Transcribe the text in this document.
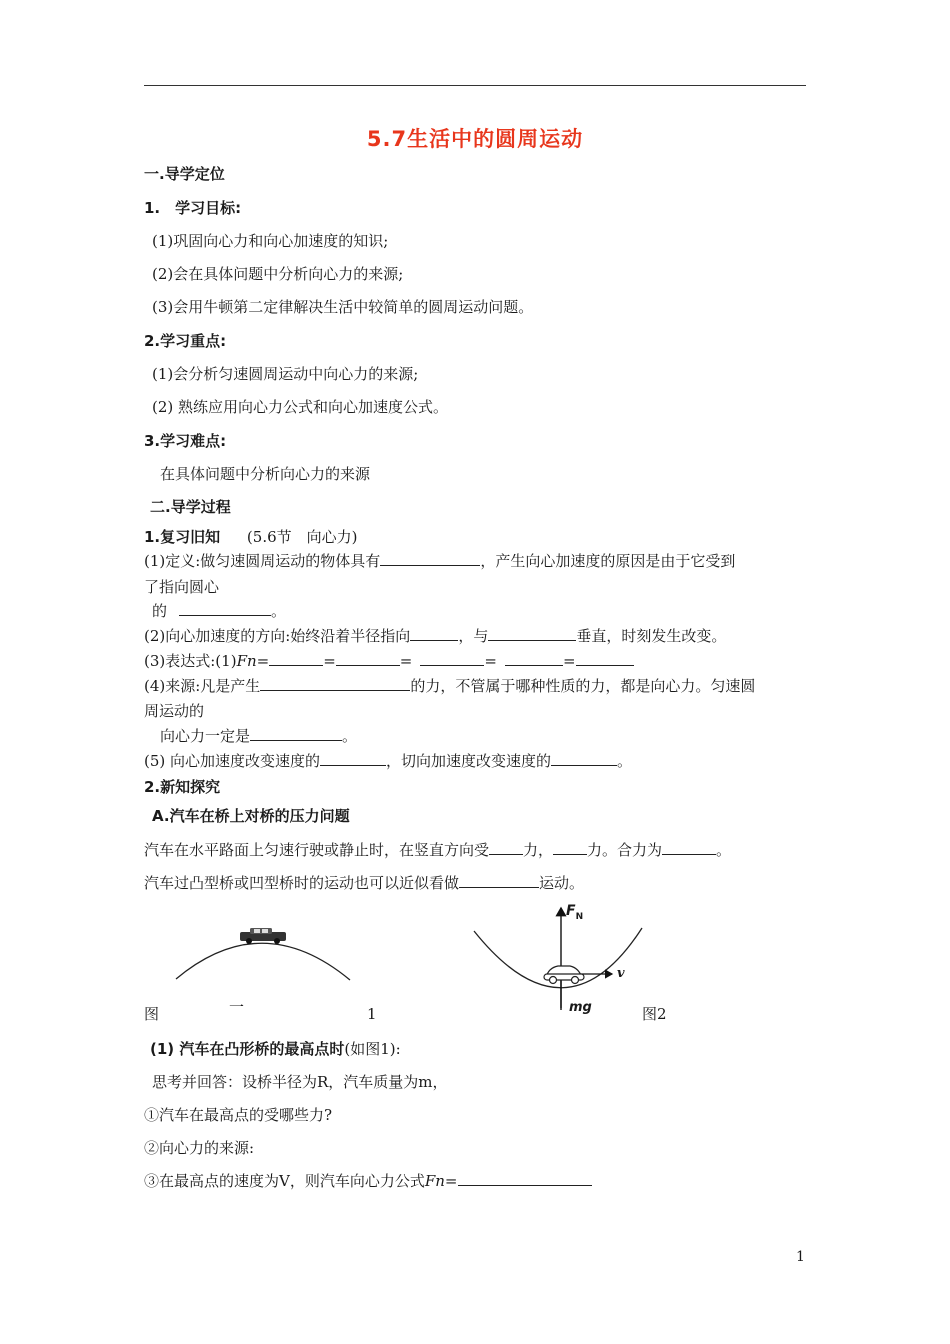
5.7生活中的圆周运动
一.导学定位
1.　学习目标:
(1)巩固向心力和向心加速度的知识;
(2)会在具体问题中分析向心力的来源;
(3)会用牛顿第二定律解决生活中较简单的圆周运动问题。
2.学习重点:
(1)会分析匀速圆周运动中向心力的来源;
(2) 熟练应用向心力公式和向心加速度公式。
3.学习难点:
在具体问题中分析向心力的来源
二.导学过程
1.复习旧知 (5.6节　向心力)
(1)定义:做匀速圆周运动的物体具有	，产生向心加速度的原因是由于它受到
了指向圆心
的	。
(2)向心加速度的方向:始终沿着半径指向	，与	垂直，时刻发生改变。
(3)表达式:(1)Fn=	=	=	=	=
(4)来源:凡是产生	的力，不管属于哪种性质的力，都是向心力。匀速圆
周运动的
向心力一定是	。
(5) 向心加速度改变速度的	，切向加速度改变速度的	。
2.新知探究
A.汽车在桥上对桥的压力问题
汽车在水平路面上匀速行驶或静止时，在竖直方向受 力， 力。合力为	。
汽车过凸型桥或凹型桥时的运动也可以近似看做	运动。
图	一	1
$F_N$
v
mg	图2
(1) 汽车在凸形桥的最高点时(如图1):
思考并回答：设桥半径为R，汽车质量为m，
①汽车在最高点的受哪些力?
②向心力的来源:
③在最高点的速度为V，则汽车向心力公式Fn=
1
